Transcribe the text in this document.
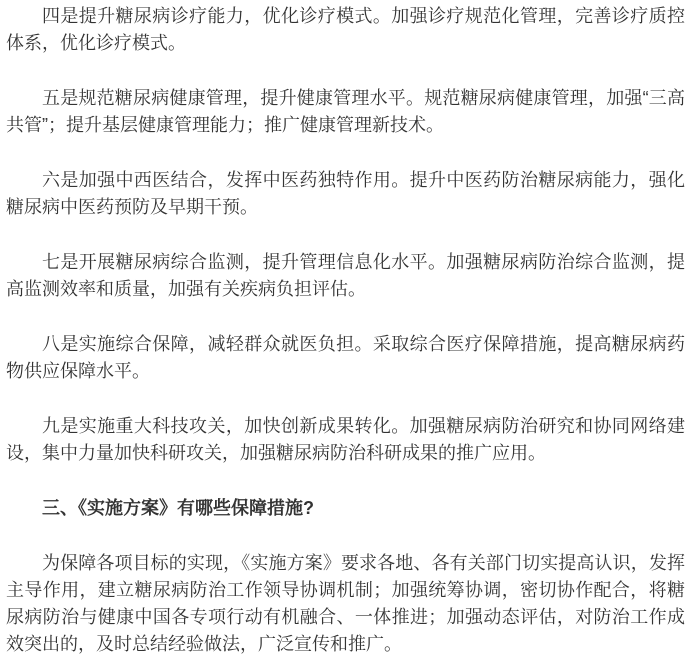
四是提升糖尿病诊疗能力，优化诊疗模式。加强诊疗规范化管理，完善诊疗质控体系，优化诊疗模式。

五是规范糖尿病健康管理，提升健康管理水平。规范糖尿病健康管理，加强“三高共管”；提升基层健康管理能力；推广健康管理新技术。

六是加强中西医结合，发挥中医药独特作用。提升中医药防治糖尿病能力，强化糖尿病中医药预防及早期干预。

七是开展糖尿病综合监测，提升管理信息化水平。加强糖尿病防治综合监测，提高监测效率和质量，加强有关疾病负担评估。

八是实施综合保障，减轻群众就医负担。采取综合医疗保障措施，提高糖尿病药物供应保障水平。

九是实施重大科技攻关，加快创新成果转化。加强糖尿病防治研究和协同网络建设，集中力量加快科研攻关，加强糖尿病防治科研成果的推广应用。

三、《实施方案》有哪些保障措施?

为保障各项目标的实现，《实施方案》要求各地、各有关部门切实提高认识，发挥主导作用，建立糖尿病防治工作领导协调机制；加强统筹协调，密切协作配合，将糖尿病防治与健康中国各专项行动有机融合、一体推进；加强动态评估，对防治工作成效突出的，及时总结经验做法，广泛宣传和推广。
